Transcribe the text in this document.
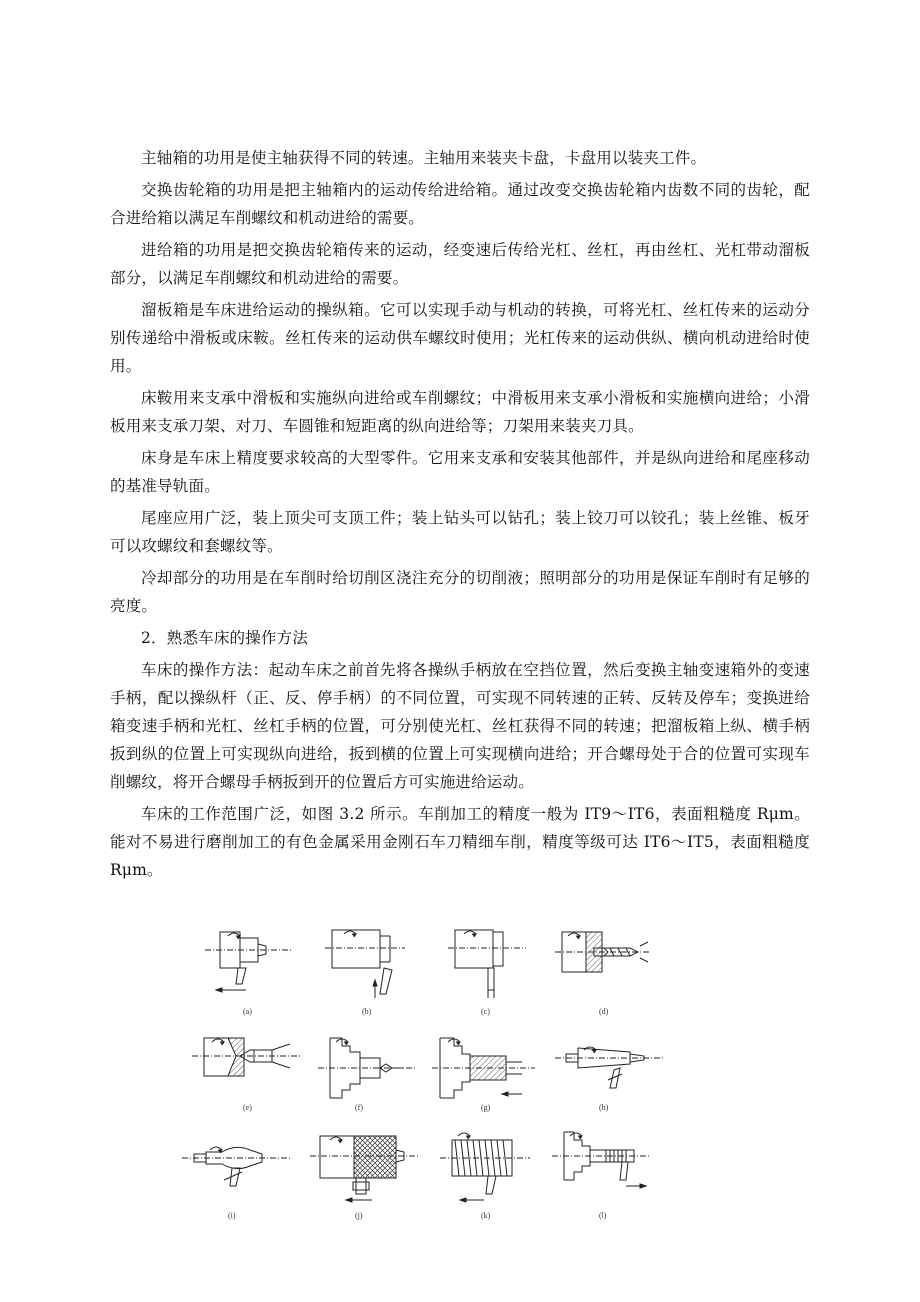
主轴箱的功用是使主轴获得不同的转速。主轴用来装夹卡盘，卡盘用以装夹工件。

交换齿轮箱的功用是把主轴箱内的运动传给进给箱。通过改变交换齿轮箱内齿数不同的齿轮，配合进给箱以满足车削螺纹和机动进给的需要。

进给箱的功用是把交换齿轮箱传来的运动，经变速后传给光杠、丝杠，再由丝杠、光杠带动溜板部分，以满足车削螺纹和机动进给的需要。

溜板箱是车床进给运动的操纵箱。它可以实现手动与机动的转换，可将光杠、丝杠传来的运动分别传递给中滑板或床鞍。丝杠传来的运动供车螺纹时使用；光杠传来的运动供纵、横向机动进给时使用。

床鞍用来支承中滑板和实施纵向进给或车削螺纹；中滑板用来支承小滑板和实施横向进给；小滑板用来支承刀架、对刀、车圆锥和短距离的纵向进给等；刀架用来装夹刀具。

床身是车床上精度要求较高的大型零件。它用来支承和安装其他部件，并是纵向进给和尾座移动的基准导轨面。

尾座应用广泛，装上顶尖可支顶工件；装上钻头可以钻孔；装上铰刀可以铰孔；装上丝锥、板牙可以攻螺纹和套螺纹等。

冷却部分的功用是在车削时给切削区浇注充分的切削液；照明部分的功用是保证车削时有足够的亮度。

2．熟悉车床的操作方法

车床的操作方法：起动车床之前首先将各操纵手柄放在空挡位置，然后变换主轴变速箱外的变速手柄，配以操纵杆（正、反、停手柄）的不同位置，可实现不同转速的正转、反转及停车；变换进给箱变速手柄和光杠、丝杠手柄的位置，可分别使光杠、丝杠获得不同的转速；把溜板箱上纵、横手柄扳到纵的位置上可实现纵向进给，扳到横的位置上可实现横向进给；开合螺母处于合的位置可实现车削螺纹，将开合螺母手柄扳到开的位置后方可实施进给运动。

车床的工作范围广泛，如图 3.2 所示。车削加工的精度一般为 IT9～IT6，表面粗糙度 Rμm。能对不易进行磨削加工的有色金属采用金刚石车刀精细车削，精度等级可达 IT6～IT5，表面粗糙度 Rμm。

(a)	(b)	(c)	(d)
(e)	(f)	(g)	(h)
(i)	(j)	(k)	(l)
